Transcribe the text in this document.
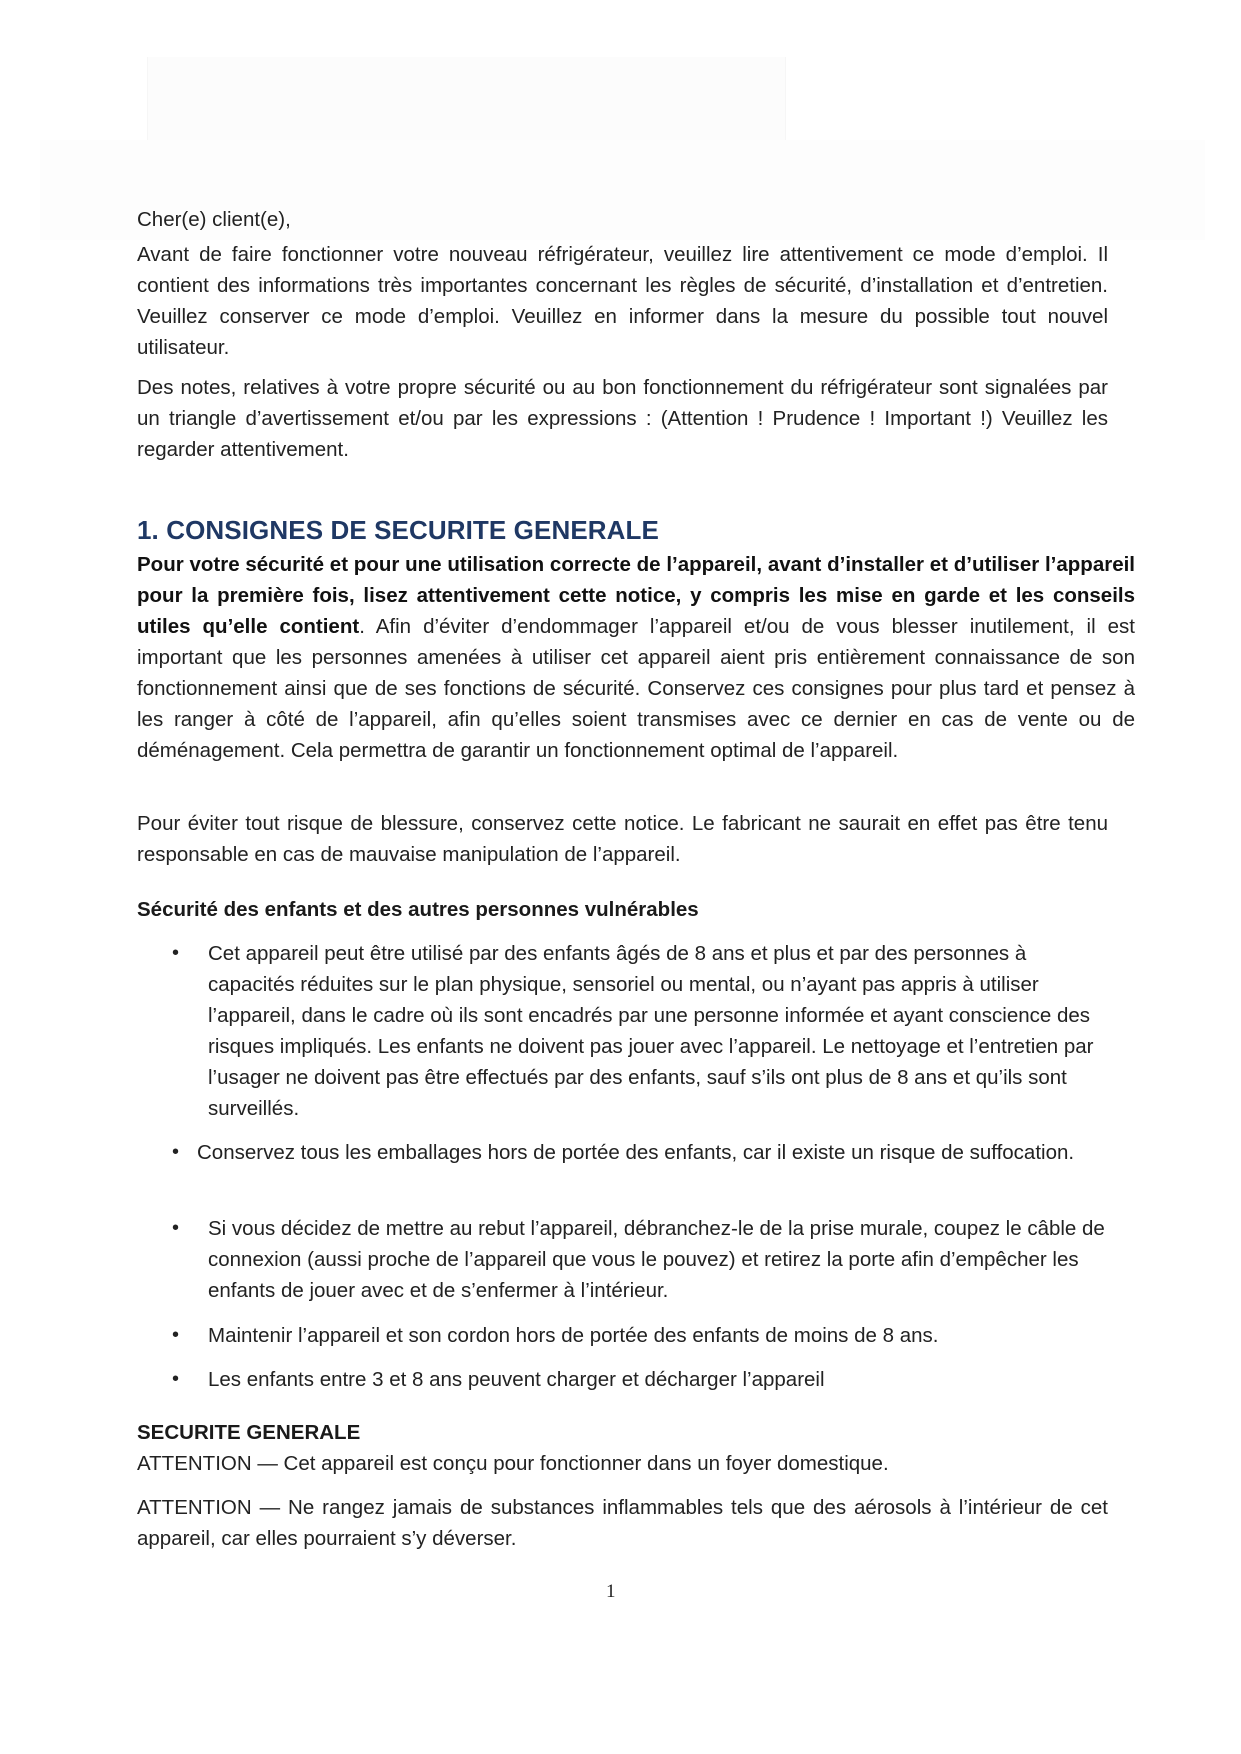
Cher(e) client(e),

Avant de faire fonctionner votre nouveau réfrigérateur, veuillez lire attentivement ce mode d’emploi. Il contient des informations très importantes concernant les règles de sécurité, d’installation et d’entretien. Veuillez conserver ce mode d’emploi. Veuillez en informer dans la mesure du possible tout nouvel utilisateur.

Des notes, relatives à votre propre sécurité ou au bon fonctionnement du réfrigérateur sont signalées par un triangle d’avertissement et/ou par les expressions : (Attention ! Prudence ! Important !) Veuillez les regarder attentivement.

1. CONSIGNES DE SECURITE GENERALE

Pour votre sécurité et pour une utilisation correcte de l’appareil, avant d’installer et d’utiliser l’appareil pour la première fois, lisez attentivement cette notice, y compris les mise en garde et les conseils utiles qu’elle contient. Afin d’éviter d’endommager l’appareil et/ou de vous blesser inutilement, il est important que les personnes amenées à utiliser cet appareil aient pris entièrement connaissance de son fonctionnement ainsi que de ses fonctions de sécurité. Conservez ces consignes pour plus tard et pensez à les ranger à côté de l’appareil, afin qu’elles soient transmises avec ce dernier en cas de vente ou de déménagement. Cela permettra de garantir un fonctionnement optimal de l’appareil.

Pour éviter tout risque de blessure, conservez cette notice. Le fabricant ne saurait en effet pas être tenu responsable en cas de mauvaise manipulation de l’appareil.

Sécurité des enfants et des autres personnes vulnérables

• Cet appareil peut être utilisé par des enfants âgés de 8 ans et plus et par des personnes à capacités réduites sur le plan physique, sensoriel ou mental, ou n’ayant pas appris à utiliser l’appareil, dans le cadre où ils sont encadrés par une personne informée et ayant conscience des risques impliqués. Les enfants ne doivent pas jouer avec l’appareil. Le nettoyage et l’entretien par l’usager ne doivent pas être effectués par des enfants, sauf s’ils ont plus de 8 ans et qu’ils sont surveillés.

• Conservez tous les emballages hors de portée des enfants, car il existe un risque de suffocation.

• Si vous décidez de mettre au rebut l’appareil, débranchez-le de la prise murale, coupez le câble de connexion (aussi proche de l’appareil que vous le pouvez) et retirez la porte afin d’empêcher les enfants de jouer avec et de s’enfermer à l’intérieur.

• Maintenir l’appareil et son cordon hors de portée des enfants de moins de 8 ans.

• Les enfants entre 3 et 8 ans peuvent charger et décharger l’appareil

SECURITE GENERALE

ATTENTION — Cet appareil est conçu pour fonctionner dans un foyer domestique.

ATTENTION — Ne rangez jamais de substances inflammables tels que des aérosols à l’intérieur de cet appareil, car elles pourraient s’y déverser.

1
